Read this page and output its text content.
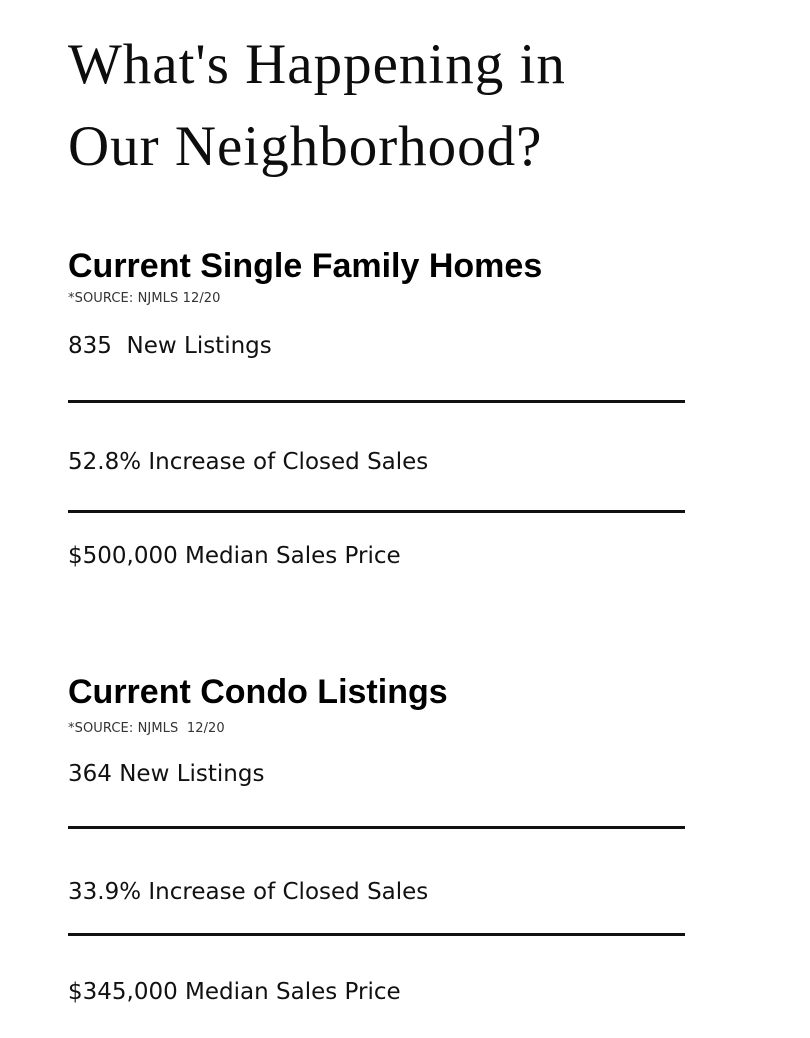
What's Happening in
Our Neighborhood?
Current Single Family Homes
*SOURCE: NJMLS 12/20
835  New Listings
52.8% Increase of Closed Sales
$500,000 Median Sales Price
Current Condo Listings
*SOURCE: NJMLS  12/20
364 New Listings
33.9% Increase of Closed Sales
$345,000 Median Sales Price
